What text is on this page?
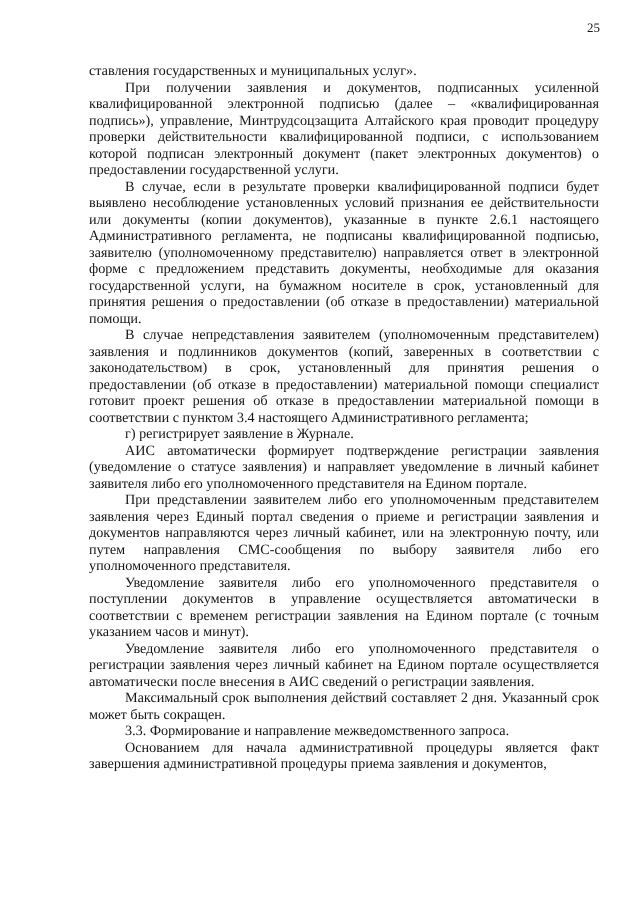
25

ставления государственных и муниципальных услуг».

При получении заявления и документов, подписанных усиленной квалифицированной электронной подписью (далее – «квалифицированная подпись»), управление, Минтрудсоцзащита Алтайского края проводит процедуру проверки действительности квалифицированной подписи, с использованием которой подписан электронный документ (пакет электронных документов) о предоставлении государственной услуги.

В случае, если в результате проверки квалифицированной подписи будет выявлено несоблюдение установленных условий признания ее действительности или документы (копии документов), указанные в пункте 2.6.1 настоящего Административного регламента, не подписаны квалифицированной подписью, заявителю (уполномоченному представителю) направляется ответ в электронной форме с предложением представить документы, необходимые для оказания государственной услуги, на бумажном носителе в срок, установленный для принятия решения о предоставлении (об отказе в предоставлении) материальной помощи.

В случае непредставления заявителем (уполномоченным представителем) заявления и подлинников документов (копий, заверенных в соответствии с законодательством) в срок, установленный для принятия решения о предоставлении (об отказе в предоставлении) материальной помощи специалист готовит проект решения об отказе в предоставлении материальной помощи в соответствии с пунктом 3.4 настоящего Административного регламента;

г) регистрирует заявление в Журнале.

АИС автоматически формирует подтверждение регистрации заявления (уведомление о статусе заявления) и направляет уведомление в личный кабинет заявителя либо его уполномоченного представителя на Едином портале.

При представлении заявителем либо его уполномоченным представителем заявления через Единый портал сведения о приеме и регистрации заявления и документов направляются через личный кабинет, или на электронную почту, или путем направления СМС-сообщения по выбору заявителя либо его уполномоченного представителя.

Уведомление заявителя либо его уполномоченного представителя о поступлении документов в управление осуществляется автоматически в соответствии с временем регистрации заявления на Едином портале (с точным указанием часов и минут).

Уведомление заявителя либо его уполномоченного представителя о регистрации заявления через личный кабинет на Едином портале осуществляется автоматически после внесения в АИС сведений о регистрации заявления.

Максимальный срок выполнения действий составляет 2 дня. Указанный срок может быть сокращен.

3.3. Формирование и направление межведомственного запроса.

Основанием для начала административной процедуры является факт завершения административной процедуры приема заявления и документов,
